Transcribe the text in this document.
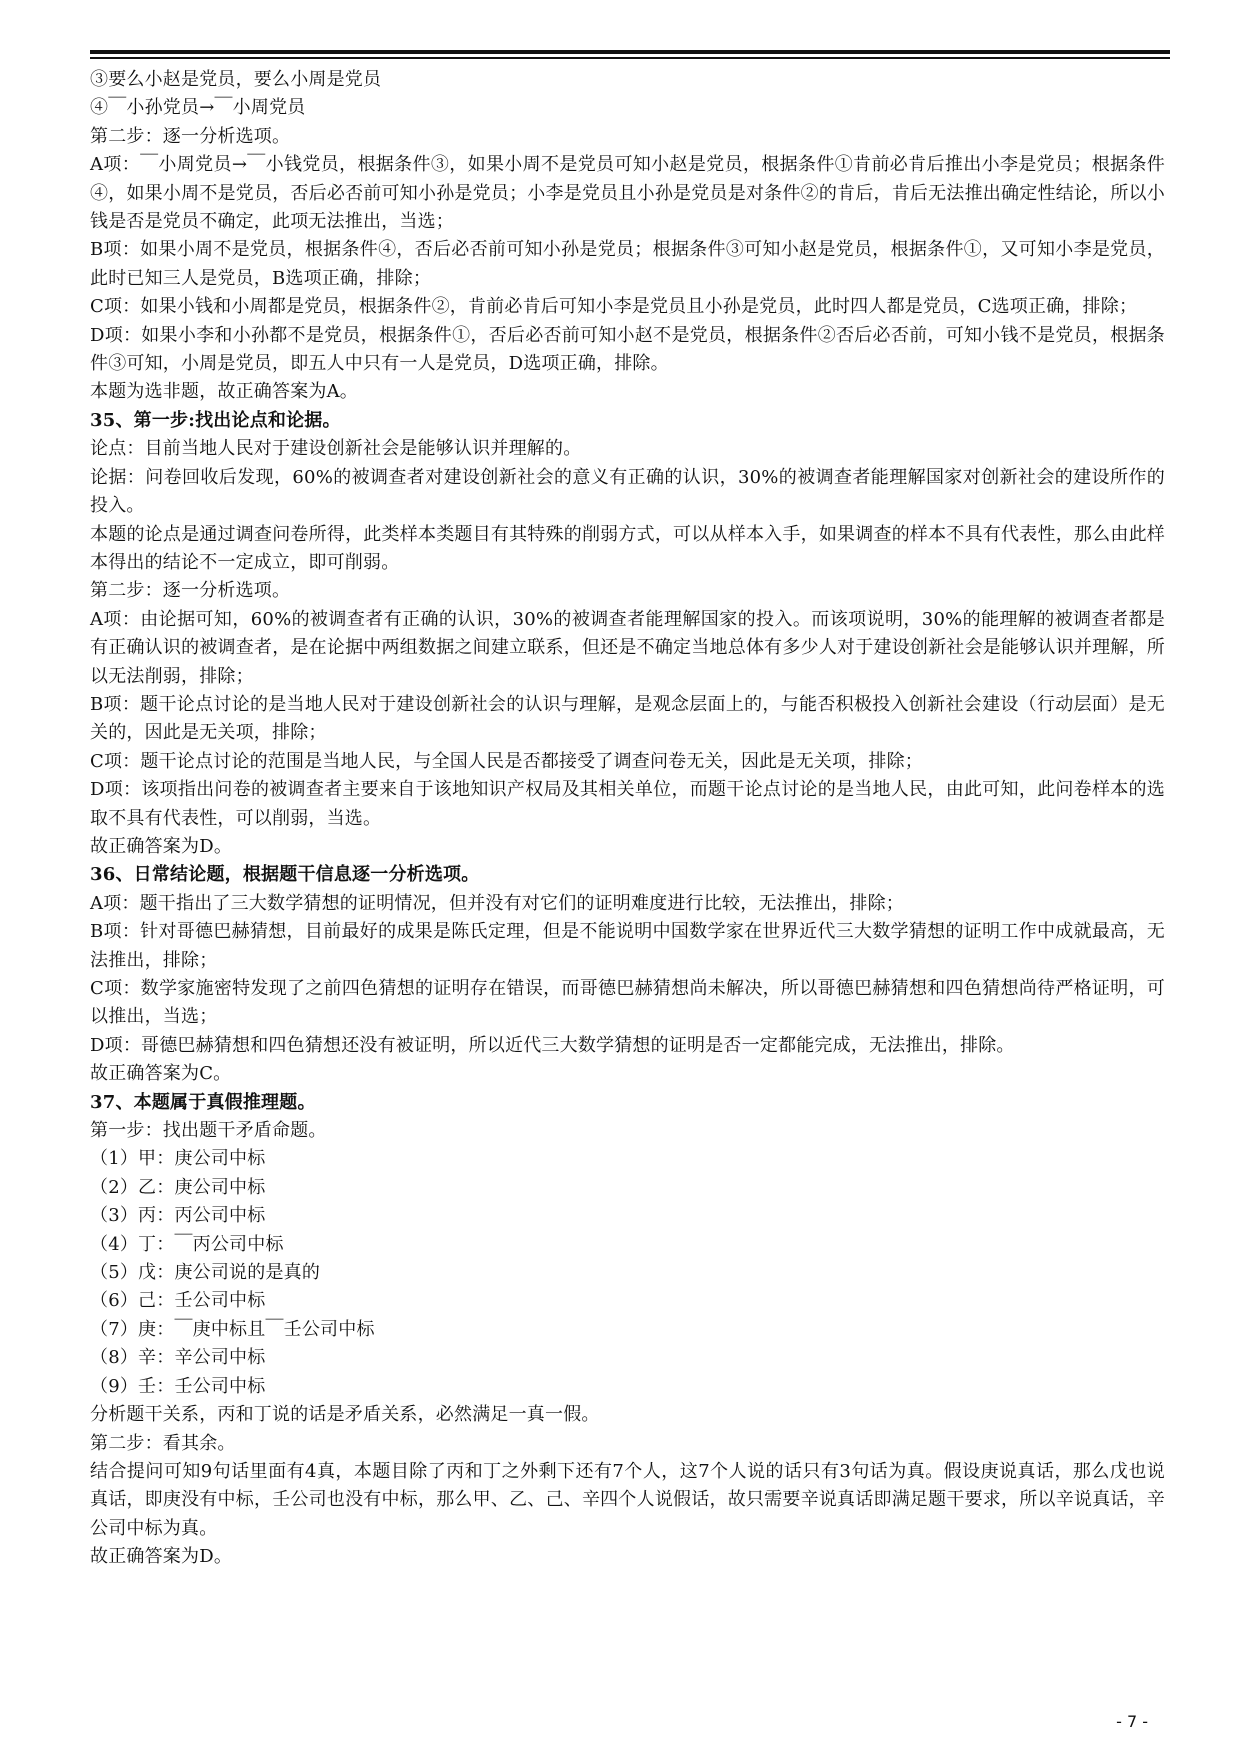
③要么小赵是党员，要么小周是党员

④￣小孙党员→￣小周党员

第二步：逐一分析选项。

A项：￣小周党员→￣小钱党员，根据条件③，如果小周不是党员可知小赵是党员，根据条件①肯前必肯后推出小李是党员；根据条件④，如果小周不是党员，否后必否前可知小孙是党员；小李是党员且小孙是党员是对条件②的肯后，肯后无法推出确定性结论，所以小钱是否是党员不确定，此项无法推出，当选；

B项：如果小周不是党员，根据条件④，否后必否前可知小孙是党员；根据条件③可知小赵是党员，根据条件①，又可知小李是党员，此时已知三人是党员，B选项正确，排除；

C项：如果小钱和小周都是党员，根据条件②，肯前必肯后可知小李是党员且小孙是党员，此时四人都是党员，C选项正确，排除；

D项：如果小李和小孙都不是党员，根据条件①，否后必否前可知小赵不是党员，根据条件②否后必否前，可知小钱不是党员，根据条件③可知，小周是党员，即五人中只有一人是党员，D选项正确，排除。

本题为选非题，故正确答案为A。

35、第一步:找出论点和论据。

论点：目前当地人民对于建设创新社会是能够认识并理解的。

论据：问卷回收后发现，60%的被调查者对建设创新社会的意义有正确的认识，30%的被调查者能理解国家对创新社会的建设所作的投入。

本题的论点是通过调查问卷所得，此类样本类题目有其特殊的削弱方式，可以从样本入手，如果调查的样本不具有代表性，那么由此样本得出的结论不一定成立，即可削弱。

第二步：逐一分析选项。

A项：由论据可知，60%的被调查者有正确的认识，30%的被调查者能理解国家的投入。而该项说明，30%的能理解的被调查者都是有正确认识的被调查者，是在论据中两组数据之间建立联系，但还是不确定当地总体有多少人对于建设创新社会是能够认识并理解，所以无法削弱，排除；

B项：题干论点讨论的是当地人民对于建设创新社会的认识与理解，是观念层面上的，与能否积极投入创新社会建设（行动层面）是无关的，因此是无关项，排除；

C项：题干论点讨论的范围是当地人民，与全国人民是否都接受了调查问卷无关，因此是无关项，排除；

D项：该项指出问卷的被调查者主要来自于该地知识产权局及其相关单位，而题干论点讨论的是当地人民，由此可知，此问卷样本的选取不具有代表性，可以削弱，当选。

故正确答案为D。

36、日常结论题，根据题干信息逐一分析选项。

A项：题干指出了三大数学猜想的证明情况，但并没有对它们的证明难度进行比较，无法推出，排除；

B项：针对哥德巴赫猜想，目前最好的成果是陈氏定理，但是不能说明中国数学家在世界近代三大数学猜想的证明工作中成就最高，无法推出，排除；

C项：数学家施密特发现了之前四色猜想的证明存在错误，而哥德巴赫猜想尚未解决，所以哥德巴赫猜想和四色猜想尚待严格证明，可以推出，当选；

D项：哥德巴赫猜想和四色猜想还没有被证明，所以近代三大数学猜想的证明是否一定都能完成，无法推出，排除。

故正确答案为C。

37、本题属于真假推理题。

第一步：找出题干矛盾命题。

（1）甲：庚公司中标

（2）乙：庚公司中标

（3）丙：丙公司中标

（4）丁：￣丙公司中标

（5）戊：庚公司说的是真的

（6）己：壬公司中标

（7）庚：￣庚中标且￣壬公司中标

（8）辛：辛公司中标

（9）壬：壬公司中标

分析题干关系，丙和丁说的话是矛盾关系，必然满足一真一假。

第二步：看其余。

结合提问可知9句话里面有4真，本题目除了丙和丁之外剩下还有7个人，这7个人说的话只有3句话为真。假设庚说真话，那么戊也说真话，即庚没有中标，壬公司也没有中标，那么甲、乙、己、辛四个人说假话，故只需要辛说真话即满足题干要求，所以辛说真话，辛公司中标为真。

故正确答案为D。

- 7 -
